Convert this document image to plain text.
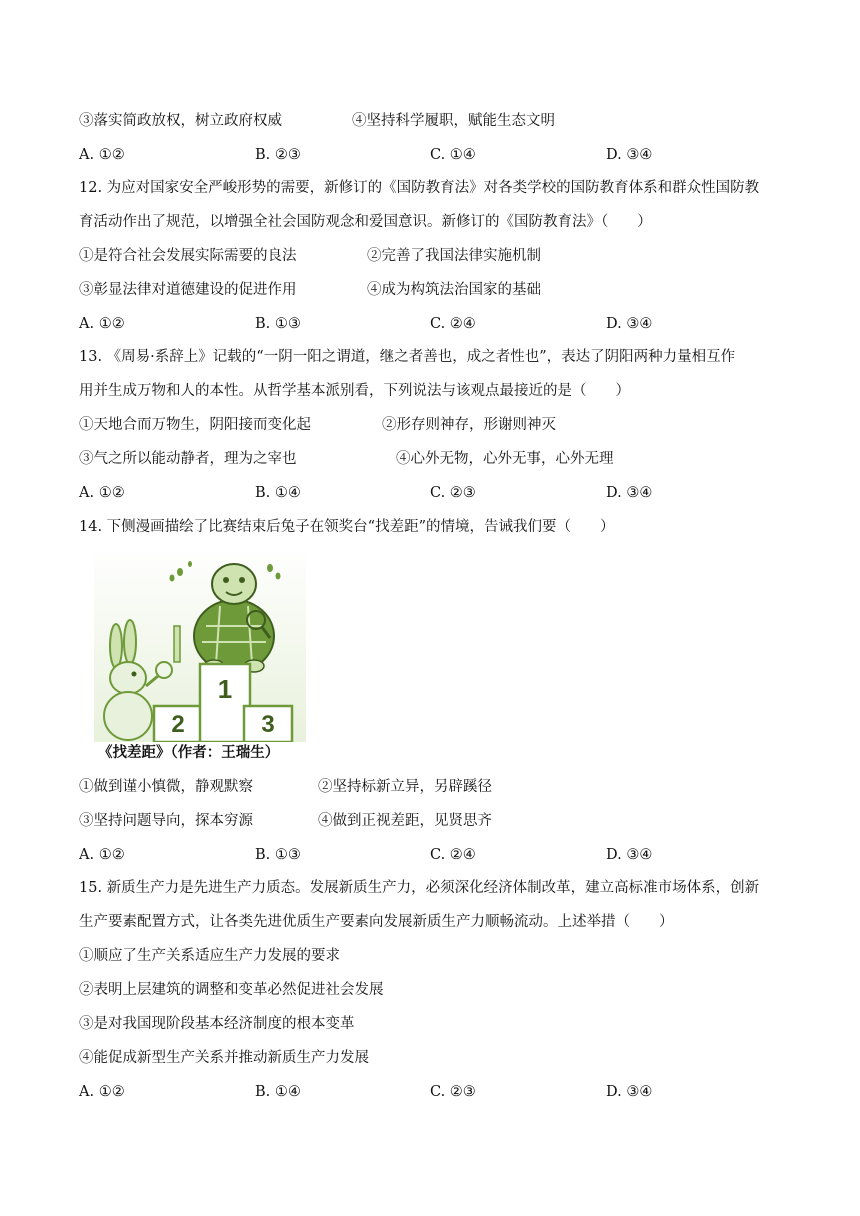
③落实简政放权，树立政府权威	④坚持科学履职，赋能生态文明
A. ①②	B. ②③	C. ①④	D. ③④
12. 为应对国家安全严峻形势的需要，新修订的《国防教育法》对各类学校的国防教育体系和群众性国防教
育活动作出了规范，以增强全社会国防观念和爱国意识。新修订的《国防教育法》（　　）
①是符合社会发展实际需要的良法	②完善了我国法律实施机制
③彰显法律对道德建设的促进作用	④成为构筑法治国家的基础
A. ①②	B. ①③	C. ②④	D. ③④
13. 《周易·系辞上》记载的“一阴一阳之谓道，继之者善也，成之者性也”，表达了阴阳两种力量相互作
用并生成万物和人的本性。从哲学基本派别看，下列说法与该观点最接近的是（　　）
①天地合而万物生，阴阳接而变化起	②形存则神存，形谢则神灭
③气之所以能动静者，理为之宰也	④心外无物，心外无事，心外无理
A. ①②	B. ①④	C. ②③	D. ③④
14. 下侧漫画描绘了比赛结束后兔子在领奖台“找差距”的情境，告诫我们要（　　）
1
2	3
《找差距》（作者：王瑞生）
①做到谨小慎微，静观默察	②坚持标新立异，另辟蹊径
③坚持问题导向，探本穷源	④做到正视差距，见贤思齐
A. ①②	B. ①③	C. ②④	D. ③④
15. 新质生产力是先进生产力质态。发展新质生产力，必须深化经济体制改革，建立高标准市场体系，创新
生产要素配置方式，让各类先进优质生产要素向发展新质生产力顺畅流动。上述举措（　　）
①顺应了生产关系适应生产力发展的要求
②表明上层建筑的调整和变革必然促进社会发展
③是对我国现阶段基本经济制度的根本变革
④能促成新型生产关系并推动新质生产力发展
A. ①②	B. ①④	C. ②③	D. ③④
